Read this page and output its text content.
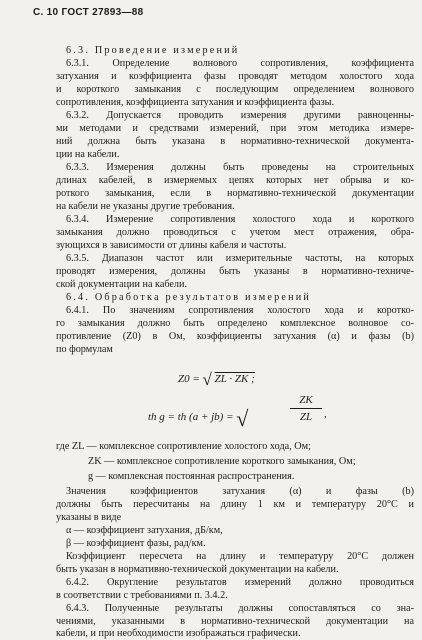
С. 10 ГОСТ 27893—88
6.3. Проведение измерений
6.3.1. Определение волнового сопротивления, коэффициента
затухания и коэффициента фазы проводят методом холостого хода
и короткого замыкания с последующим определением волнового
сопротивления, коэффициента затухания и коэффициента фазы.
6.3.2. Допускается проводить измерения другими равноценны-
ми методами и средствами измерений, при этом методика измере-
ний должна быть указана в нормативно-технической документа-
ции на кабели.
6.3.3. Измерения должны быть проведены на строительных
длинах кабелей, в измеряемых цепях которых нет обрыва и ко-
роткого замыкания, если в нормативно-технической документации
на кабели не указаны другие требования.
6.3.4. Измерение сопротивления холостого хода и короткого
замыкания должно проводиться с учетом мест отражения, обра-
зующихся в зависимости от длины кабеля и частоты.
6.3.5. Диапазон частот или измерительные частоты, на которых
проводят измерения, должны быть указаны в нормативно-техниче-
ской документации на кабели.
6.4. Обработка результатов измерений
6.4.1. По значениям сопротивления холостого хода и коротко-
го замыкания должно быть определено комплексное волновое со-
противление (Z0) в Ом, коэффициенты затухания (α) и фазы (b)
по формулам
Z0 = √ ZL · ZK ;
th g = th (a + jb) = √
ZK
ZL	,
где ZL — комплексное сопротивление холостого хода, Ом;
ZK — комплексное сопротивление короткого замыкания, Ом;
g — комплексная постоянная распространения.
Значения коэффициентов затухания (α) и фазы (b)
должны быть пересчитаны на длину 1 км и температуру 20°С и
указаны в виде
α — коэффициент затухания, дБ/км,
β — коэффициент фазы, рад/км.
Коэффициент пересчета на длину и температуру 20°С должен
быть указан в нормативно-технической документации на кабели.
6.4.2. Округление результатов измерений должно проводиться
в соответствии с требованиями п. 3.4.2.
6.4.3. Полученные результаты должны сопоставляться со зна-
чениями, указанными в нормативно-технической документации на
кабели, и при необходимости изображаться графически.
